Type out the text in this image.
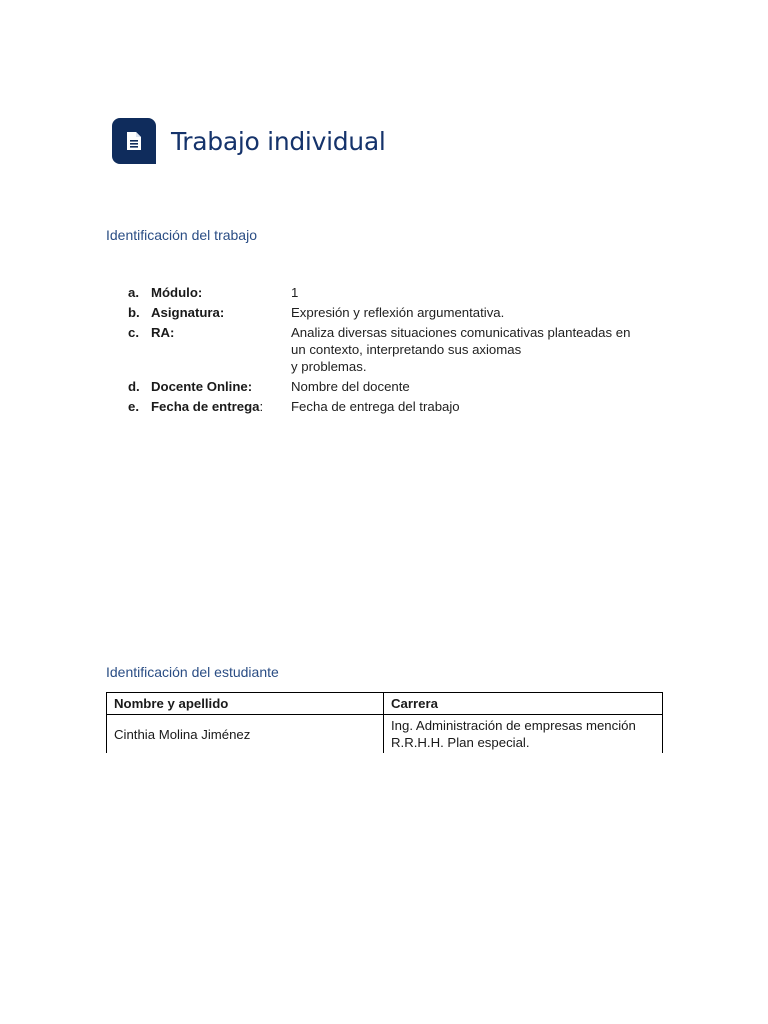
Trabajo individual
Identificación del trabajo
a. Módulo:	1
b. Asignatura:	Expresión y reflexión argumentativa.
c. RA:	Analiza diversas situaciones comunicativas planteadas en
un contexto, interpretando sus axiomas
y problemas.
d. Docente Online:	Nombre del docente
e. Fecha de entrega:	Fecha de entrega del trabajo
Identificación del estudiante
Nombre y apellido	Carrera
Cinthia Molina Jiménez	Ing. Administración de empresas mención
R.R.H.H. Plan especial.
